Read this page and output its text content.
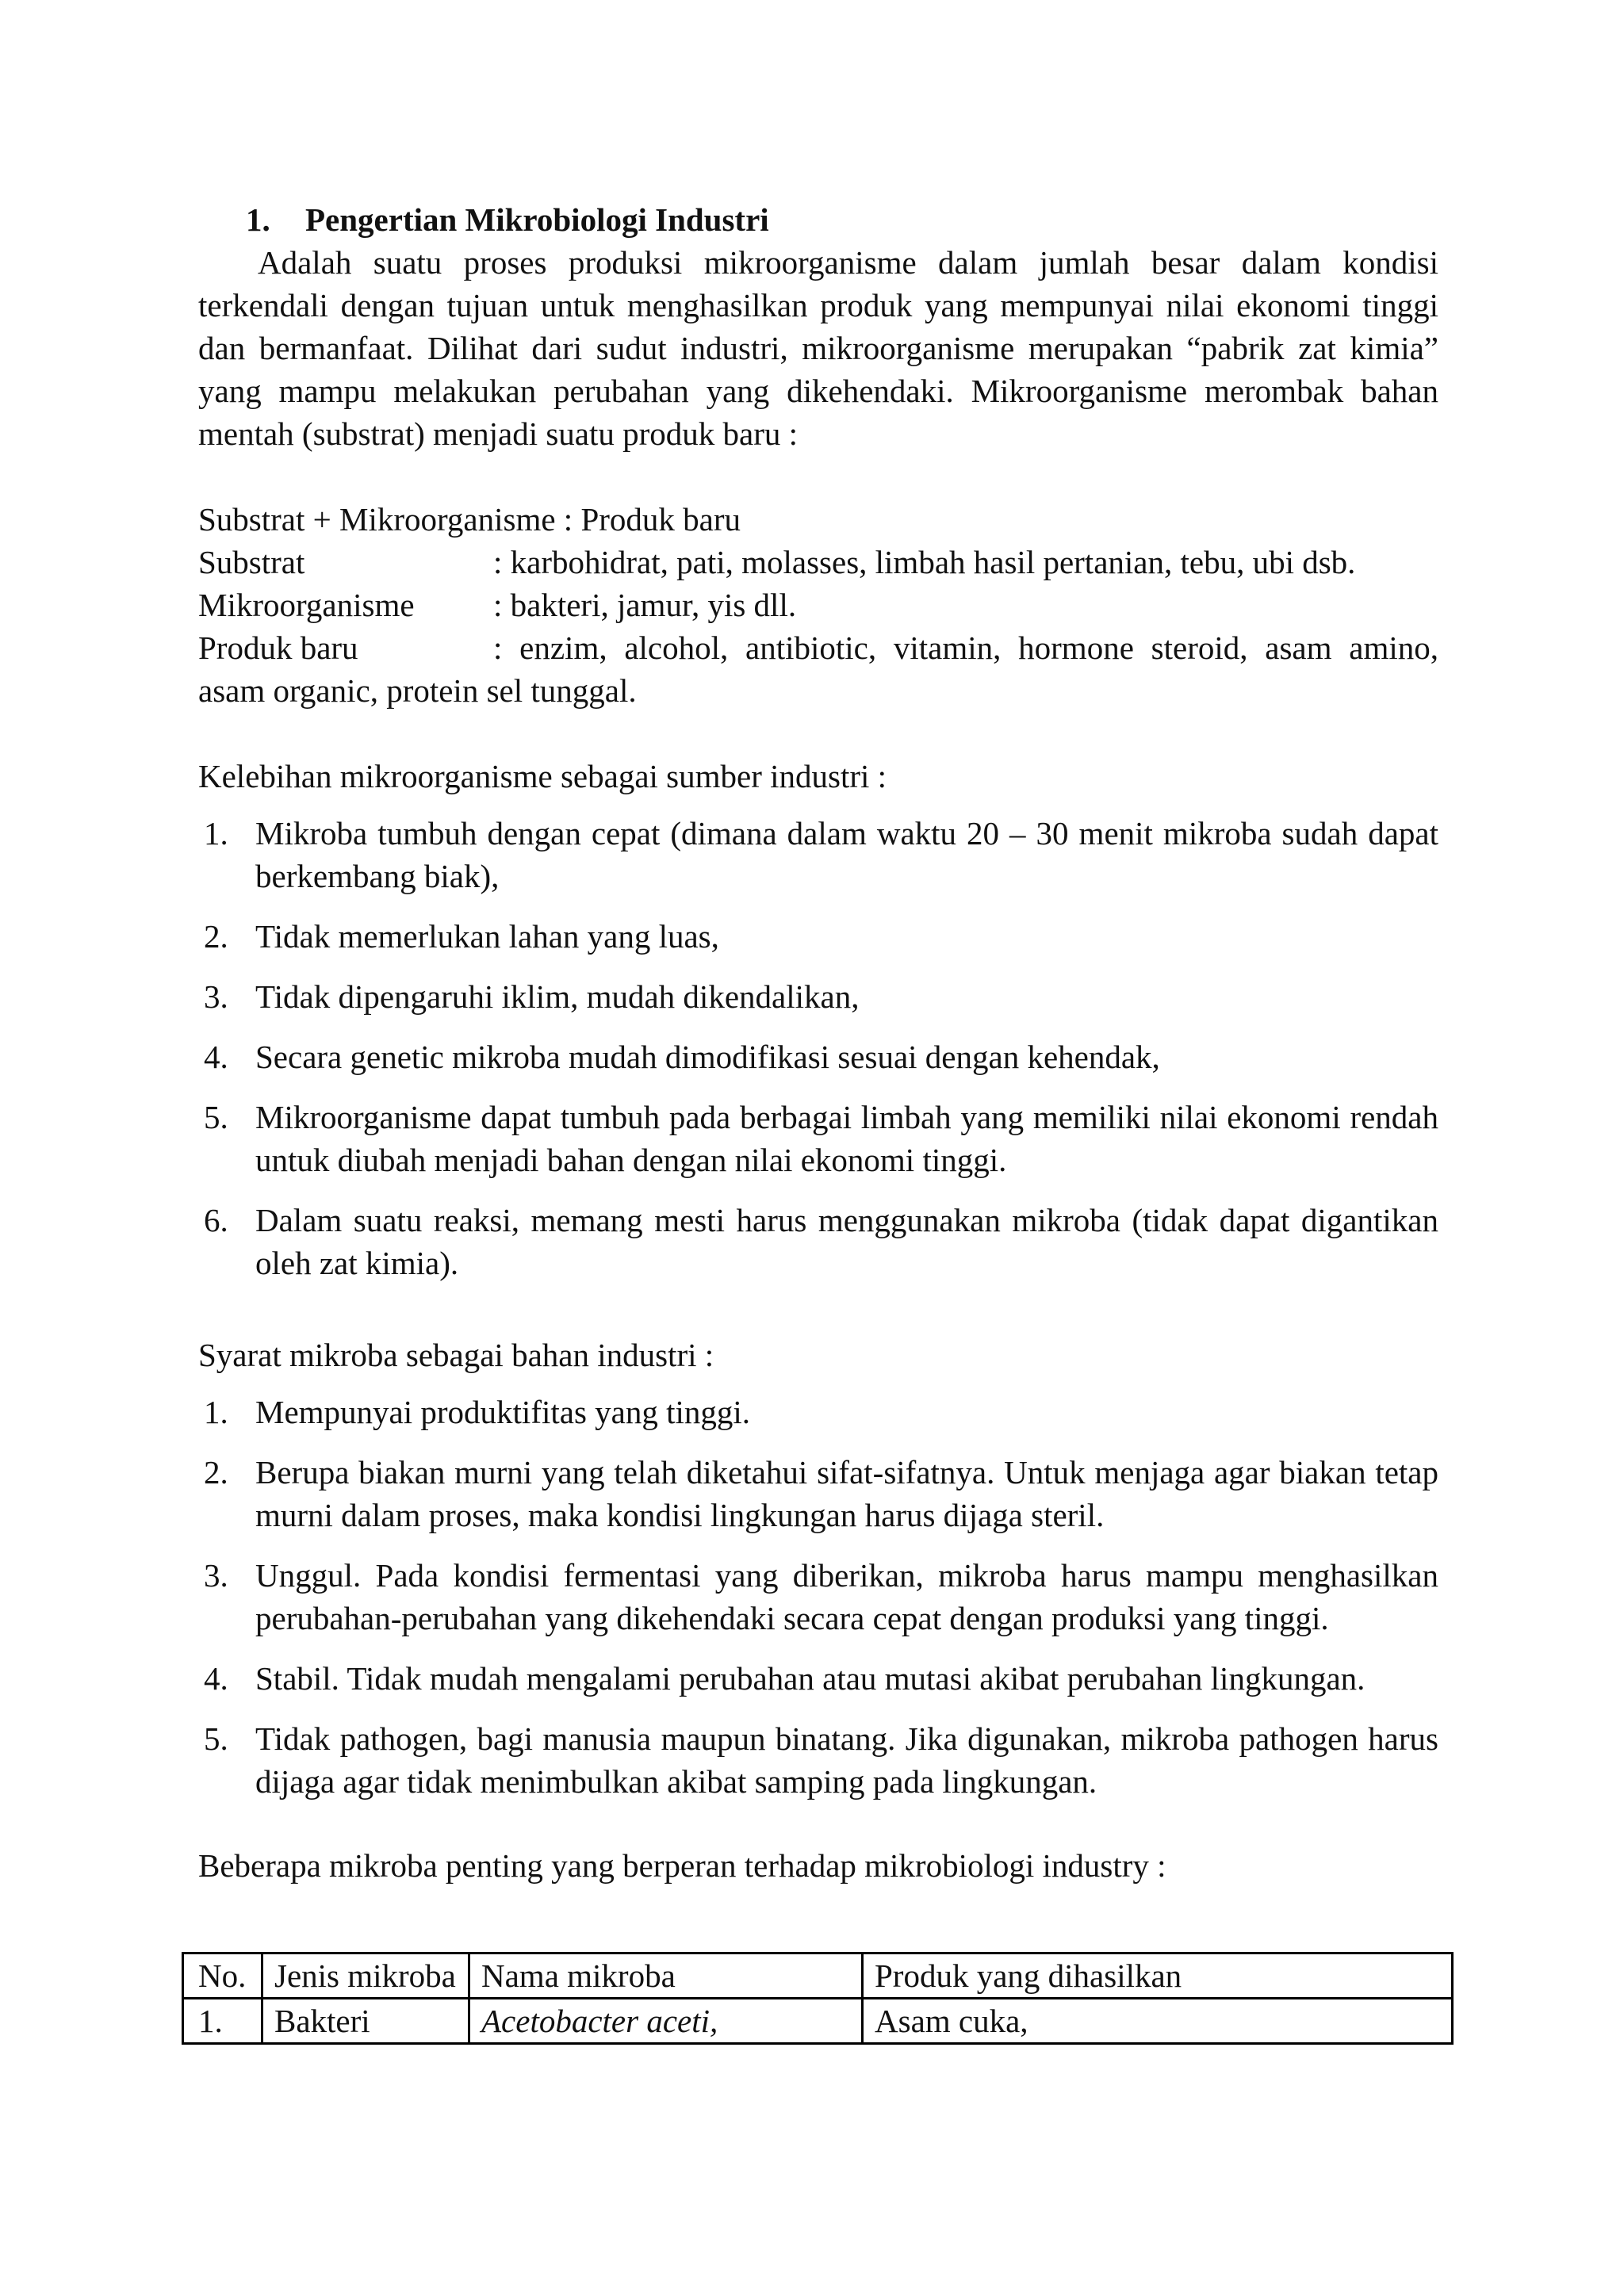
1. Pengertian Mikrobiologi Industri

Adalah suatu proses produksi mikroorganisme dalam jumlah besar dalam kondisi terkendali dengan tujuan untuk menghasilkan produk yang mempunyai nilai ekonomi tinggi dan bermanfaat. Dilihat dari sudut industri, mikroorganisme merupakan “pabrik zat kimia” yang mampu melakukan perubahan yang dikehendaki. Mikroorganisme merombak bahan mentah (substrat) menjadi suatu produk baru :

Substrat + Mikroorganisme : Produk baru
Substrat	: karbohidrat, pati, molasses, limbah hasil pertanian, tebu, ubi dsb.
Mikroorganisme	: bakteri, jamur, yis dll.
Produk baru	: enzim, alcohol, antibiotic, vitamin, hormone steroid, asam amino,
asam organic, protein sel tunggal.
Kelebihan mikroorganisme sebagai sumber industri :
1. Mikroba tumbuh dengan cepat (dimana dalam waktu 20 – 30 menit mikroba sudah dapat berkembang biak),
2. Tidak memerlukan lahan yang luas,
3. Tidak dipengaruhi iklim, mudah dikendalikan,
4. Secara genetic mikroba mudah dimodifikasi sesuai dengan kehendak,
5. Mikroorganisme dapat tumbuh pada berbagai limbah yang memiliki nilai ekonomi rendah untuk diubah menjadi bahan dengan nilai ekonomi tinggi.
6. Dalam suatu reaksi, memang mesti harus menggunakan mikroba (tidak dapat digantikan oleh zat kimia).
Syarat mikroba sebagai bahan industri :
1. Mempunyai produktifitas yang tinggi.
2. Berupa biakan murni yang telah diketahui sifat-sifatnya. Untuk menjaga agar biakan tetap murni dalam proses, maka kondisi lingkungan harus dijaga steril.
3. Unggul. Pada kondisi fermentasi yang diberikan, mikroba harus mampu menghasilkan perubahan-perubahan yang dikehendaki secara cepat dengan produksi yang tinggi.
4. Stabil. Tidak mudah mengalami perubahan atau mutasi akibat perubahan lingkungan.
5. Tidak pathogen, bagi manusia maupun binatang. Jika digunakan, mikroba pathogen harus dijaga agar tidak menimbulkan akibat samping pada lingkungan.
Beberapa mikroba penting yang berperan terhadap mikrobiologi industry :
No.	Jenis mikroba	Nama mikroba	Produk yang dihasilkan
1.	Bakteri	Acetobacter aceti,	Asam cuka,
